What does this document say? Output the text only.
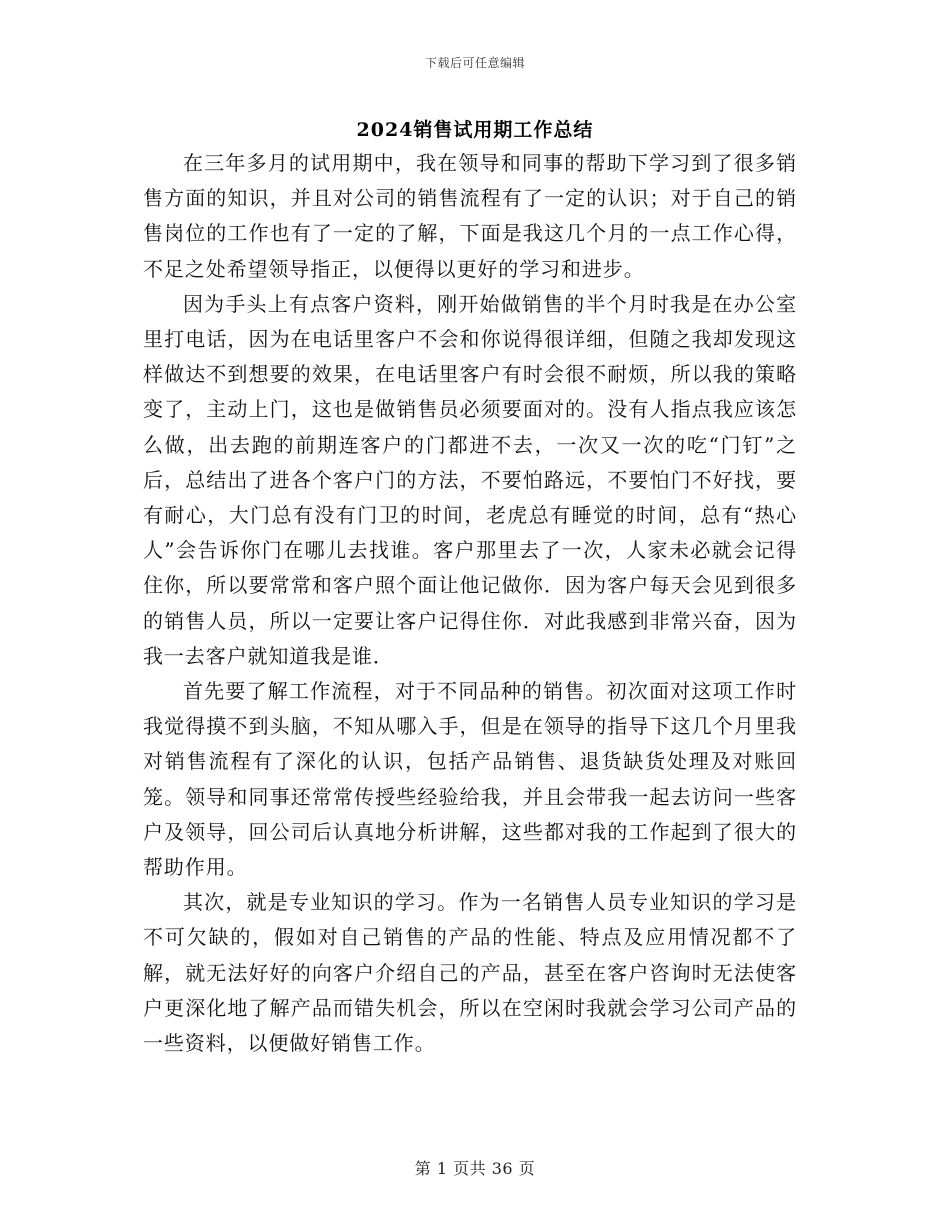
下载后可任意编辑
2024销售试用期工作总结

在三年多月的试用期中，我在领导和同事的帮助下学习到了很多销售方面的知识，并且对公司的销售流程有了一定的认识；对于自己的销售岗位的工作也有了一定的了解，下面是我这几个月的一点工作心得，不足之处希望领导指正，以便得以更好的学习和进步。

因为手头上有点客户资料，刚开始做销售的半个月时我是在办公室里打电话，因为在电话里客户不会和你说得很详细，但随之我却发现这样做达不到想要的效果，在电话里客户有时会很不耐烦，所以我的策略变了，主动上门，这也是做销售员必须要面对的。没有人指点我应该怎么做，出去跑的前期连客户的门都进不去，一次又一次的吃“门钉”之后，总结出了进各个客户门的方法，不要怕路远，不要怕门不好找，要有耐心，大门总有没有门卫的时间，老虎总有睡觉的时间，总有“热心人”会告诉你门在哪儿去找谁。客户那里去了一次，人家未必就会记得住你，所以要常常和客户照个面让他记做你．因为客户每天会见到很多的销售人员，所以一定要让客户记得住你．对此我感到非常兴奋，因为我一去客户就知道我是谁．

首先要了解工作流程，对于不同品种的销售。初次面对这项工作时我觉得摸不到头脑，不知从哪入手，但是在领导的指导下这几个月里我对销售流程有了深化的认识，包括产品销售、退货缺货处理及对账回笼。领导和同事还常常传授些经验给我，并且会带我一起去访问一些客户及领导，回公司后认真地分析讲解，这些都对我的工作起到了很大的帮助作用。

其次，就是专业知识的学习。作为一名销售人员专业知识的学习是不可欠缺的，假如对自己销售的产品的性能、特点及应用情况都不了解，就无法好好的向客户介绍自己的产品，甚至在客户咨询时无法使客户更深化地了解产品而错失机会，所以在空闲时我就会学习公司产品的一些资料，以便做好销售工作。

第 1 页共 36 页
